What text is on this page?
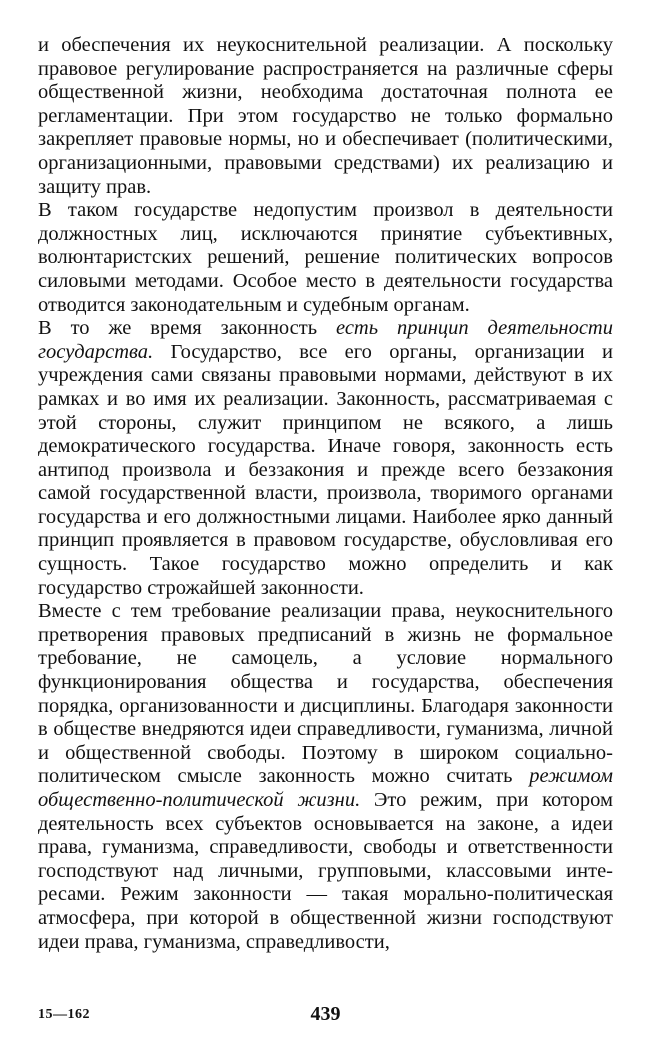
и обеспечения их неукоснительной реализации. А поскольку правовое регулирование распространяется на различные сферы общественной жизни, необходима достаточная полнота ее регламентации. При этом государство не только формально закрепляет правовые нормы, но и обеспечивает (политическими, организационными, правовыми средствами) их реализацию и защиту прав.

В таком государстве недопустим произвол в деятельности должностных лиц, исключаются принятие субъективных, волюнтаристских решений, решение политических вопросов силовыми методами. Особое место в деятельности государства отводится законодательным и судебным органам.

В то же время законность есть принцип деятельности государства. Государство, все его органы, организации и учреждения сами связаны правовыми нормами, действуют в их рамках и во имя их реализации. Законность, рассматриваемая с этой стороны, служит принципом не всякого, а лишь демократического государства. Иначе говоря, законность есть антипод произвола и беззакония и прежде всего беззакония самой государственной власти, произвола, творимого органами государства и его должностными лицами. Наиболее ярко данный принцип проявляется в правовом государстве, обусловливая его сущность. Такое государство можно определить и как государство строжайшей законности.

Вместе с тем требование реализации права, неукоснительного претворения правовых предписаний в жизнь не формальное требование, не самоцель, а условие нормального функционирования общества и государства, обеспечения порядка, организованности и дисциплины. Благодаря законности в обществе внедряются идеи справедливости, гуманизма, личной и общественной свободы. Поэтому в широком социально-политическом смысле законность можно считать режимом общественно-политической жизни. Это режим, при котором деятельность всех субъектов основывается на законе, а идеи права, гуманизма, справедливости, свободы и ответственности господствуют над личными, групповыми, классовыми интересами. Режим законности — такая морально-политическая атмосфера, при которой в общественной жизни господствуют идеи права, гуманизма, справедливости,

15—162	439
